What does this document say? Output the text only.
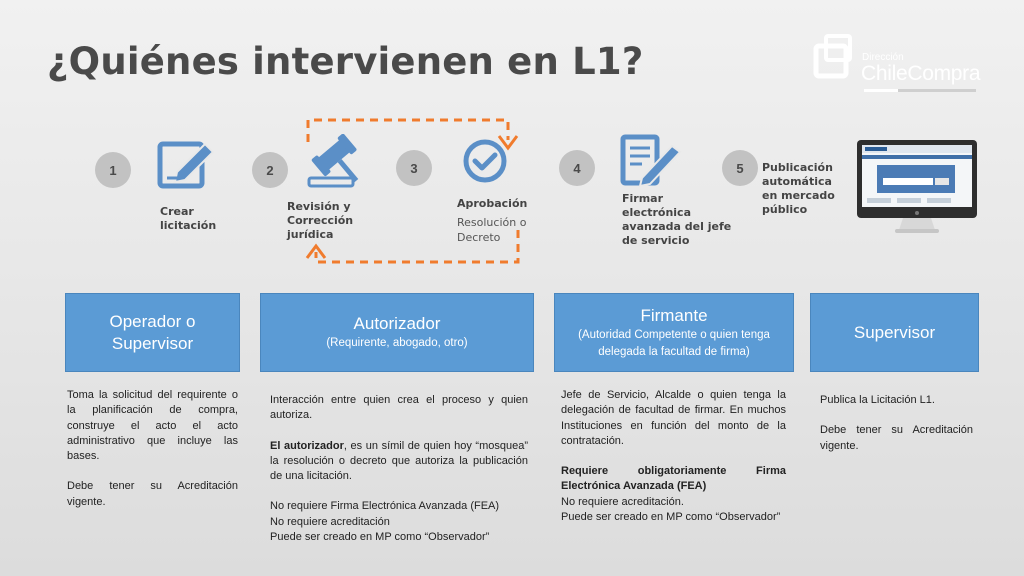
¿Quiénes intervienen en L1?	Dirección
ChileCompra
1
Crear licitación
2
Revisión y Corrección jurídica
3
Aprobación
Resolución o Decreto
4
Firmar electrónica avanzada del jefe de servicio
5	Publicación automática en mercado público
Operador o Supervisor
Autorizador
(Requirente, abogado, otro)
Firmante
(Autoridad Competente o quien tenga delegada la facultad de firma)
Supervisor

Toma la solicitud del requirente o la planificación de compra, construye el acto el acto administrativo que incluye las bases.

Debe tener su Acreditación vigente.

Interacción entre quien crea el proceso y quien autoriza.

El autorizador, es un símil de quien hoy “mosquea” la resolución o decreto que autoriza la publicación de una licitación.

No requiere Firma Electrónica Avanzada (FEA)

No requiere acreditación

Puede ser creado en MP como “Observador”

Jefe de Servicio, Alcalde o quien tenga la delegación de facultad de firmar. En muchos Instituciones en función del monto de la contratación.

Requiere obligatoriamente Firma Electrónica Avanzada (FEA)

No requiere acreditación.

Puede ser creado en MP como “Observador”

Publica la Licitación L1.

Debe tener su Acreditación vigente.
